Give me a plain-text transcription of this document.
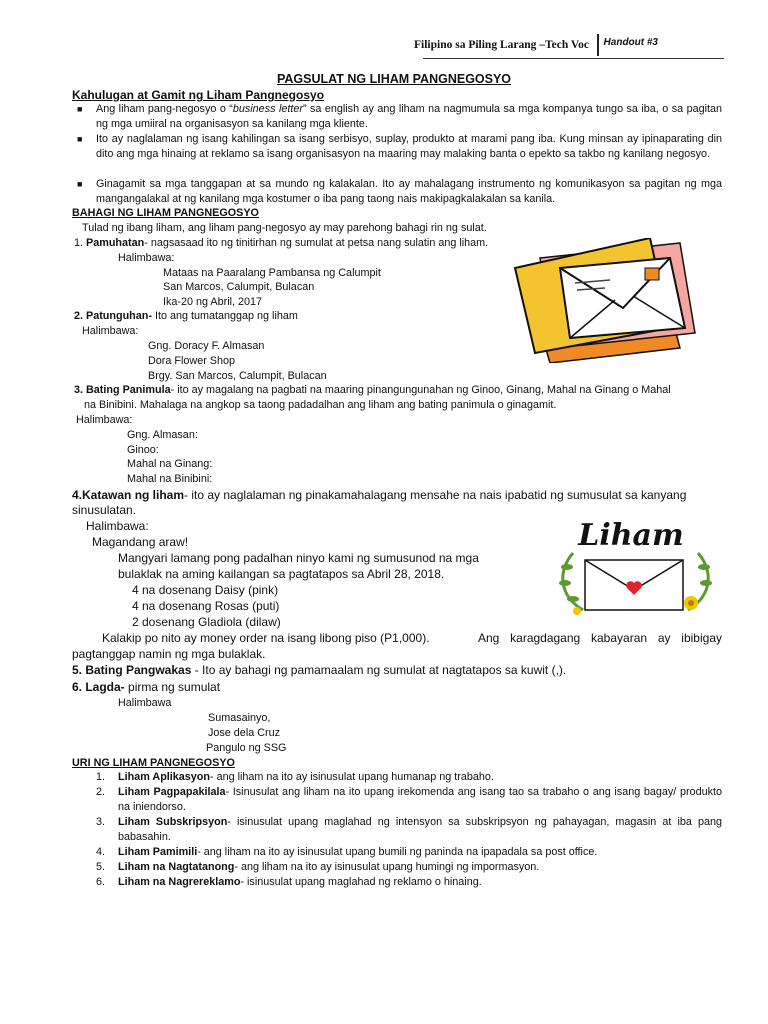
Filipino sa Piling Larang –Tech Voc Handout #3
PAGSULAT NG LIHAM PANGNEGOSYO
Kahulugan at Gamit ng Liham Pangnegosyo
■ Ang liham pang-negosyo o “business letter” sa english ay ang liham na nagmumula sa mga kompanya tungo sa iba, o sa pagitan ng mga umiiral na organisasyon sa kanilang mga kliente.
■ Ito ay naglalaman ng isang kahilingan sa isang serbisyo, suplay, produkto at marami pang iba. Kung minsan ay ipinaparating din dito ang mga hinaing at reklamo sa isang organisasyon na maaring may malaking banta o epekto sa takbo ng kanilang negosyo.
■ Ginagamit sa mga tanggapan at sa mundo ng kalakalan. Ito ay mahalagang instrumento ng komunikasyon sa pagitan ng mga mangangalakal at ng kanilang mga kostumer o iba pang taong nais makipagkalakalan sa kanila.
BAHAGI NG LIHAM PANGNEGOSYO
Tulad ng ibang liham, ang liham pang-negosyo ay may parehong bahagi rin ng sulat.
1. Pamuhatan- nagsasaad ito ng tinitirhan ng sumulat at petsa nang sulatin ang liham.
Halimbawa:
Mataas na Paaralang Pambansa ng Calumpit
San Marcos, Calumpit, Bulacan
Ika-20 ng Abril, 2017
2. Patunguhan- Ito ang tumatanggap ng liham
Halimbawa:
Gng. Doracy F. Almasan
Dora Flower Shop
Brgy. San Marcos, Calumpit, Bulacan
3. Bating Panimula- ito ay magalang na pagbati na maaring pinangungunahan ng Ginoo, Ginang, Mahal na Ginang o Mahal
na Binibini. Mahalaga na angkop sa taong padadalhan ang liham ang bating panimula o ginagamit.
Halimbawa:
Gng. Almasan:
Ginoo:
Mahal na Ginang:
Mahal na Binibini:
4.Katawan ng liham- ito ay naglalaman ng pinakamahalagang mensahe na nais ipabatid ng sumusulat sa kanyang
sinusulatan.
Halimbawa:
Magandang araw!
Mangyari lamang pong padalhan ninyo kami ng sumusunod na mga
bulaklak na aming kailangan sa pagtatapos sa Abril 28, 2018.
4 na dosenang Daisy (pink)
4 na dosenang Rosas (puti)
2 dosenang Gladiola (dilaw)
Kalakip po nito ay money order na isang libong piso (P1,000).	Ang karagdagang kabayaran ay ibibigay
pagtanggap namin ng mga bulaklak.
5. Bating Pangwakas - Ito ay bahagi ng pamamaalam ng sumulat at nagtatapos sa kuwit (,).
6. Lagda- pirma ng sumulat
Halimbawa
Sumasainyo,
Jose dela Cruz
Pangulo ng SSG
URI NG LIHAM PANGNEGOSYO
1. Liham Aplikasyon- ang liham na ito ay isinusulat upang humanap ng trabaho.
2. Liham Pagpapakilala- Isinusulat ang liham na ito upang irekomenda ang isang tao sa trabaho o ang isang bagay/ produkto na iniendorso.
3. Liham Subskripsyon- isinusulat upang maglahad ng intensyon sa subskripsyon ng pahayagan, magasin at iba pang babasahin.
4. Liham Pamimili- ang liham na ito ay isinusulat upang bumili ng paninda na ipapadala sa post office.
5. Liham na Nagtatanong- ang liham na ito ay isinusulat upang humingi ng impormasyon.
6. Liham na Nagrereklamo- isinusulat upang maglahad ng reklamo o hinaing.
Liham
